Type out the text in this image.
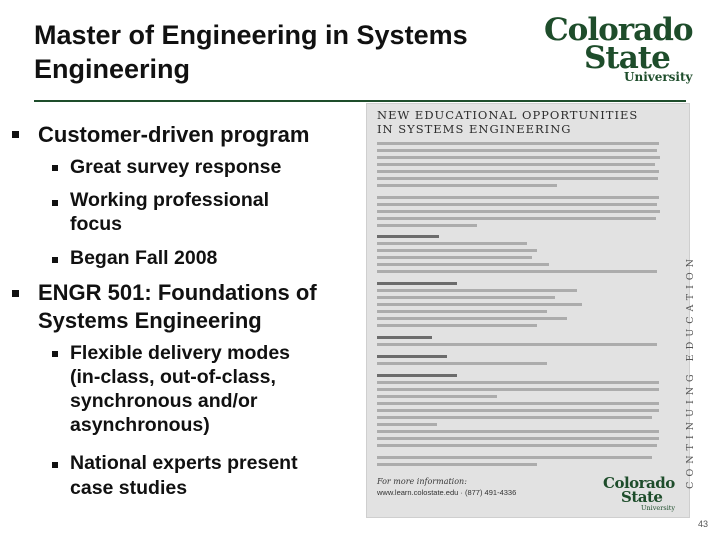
Master of Engineering in Systems
Engineering
Colorado
State
University
Customer-driven program
Great survey response
Working professional
focus
Began Fall 2008
ENGR 501: Foundations of
Systems Engineering
Flexible delivery modes
(in-class, out-of-class,
synchronous and/or
asynchronous)
National experts present
case studies
NEW EDUCATIONAL OPPORTUNITIES
IN SYSTEMS ENGINEERING
CONTINUING EDUCATION
For more information:
www.learn.colostate.edu · (877) 491-4336
Colorado
State
University
43
